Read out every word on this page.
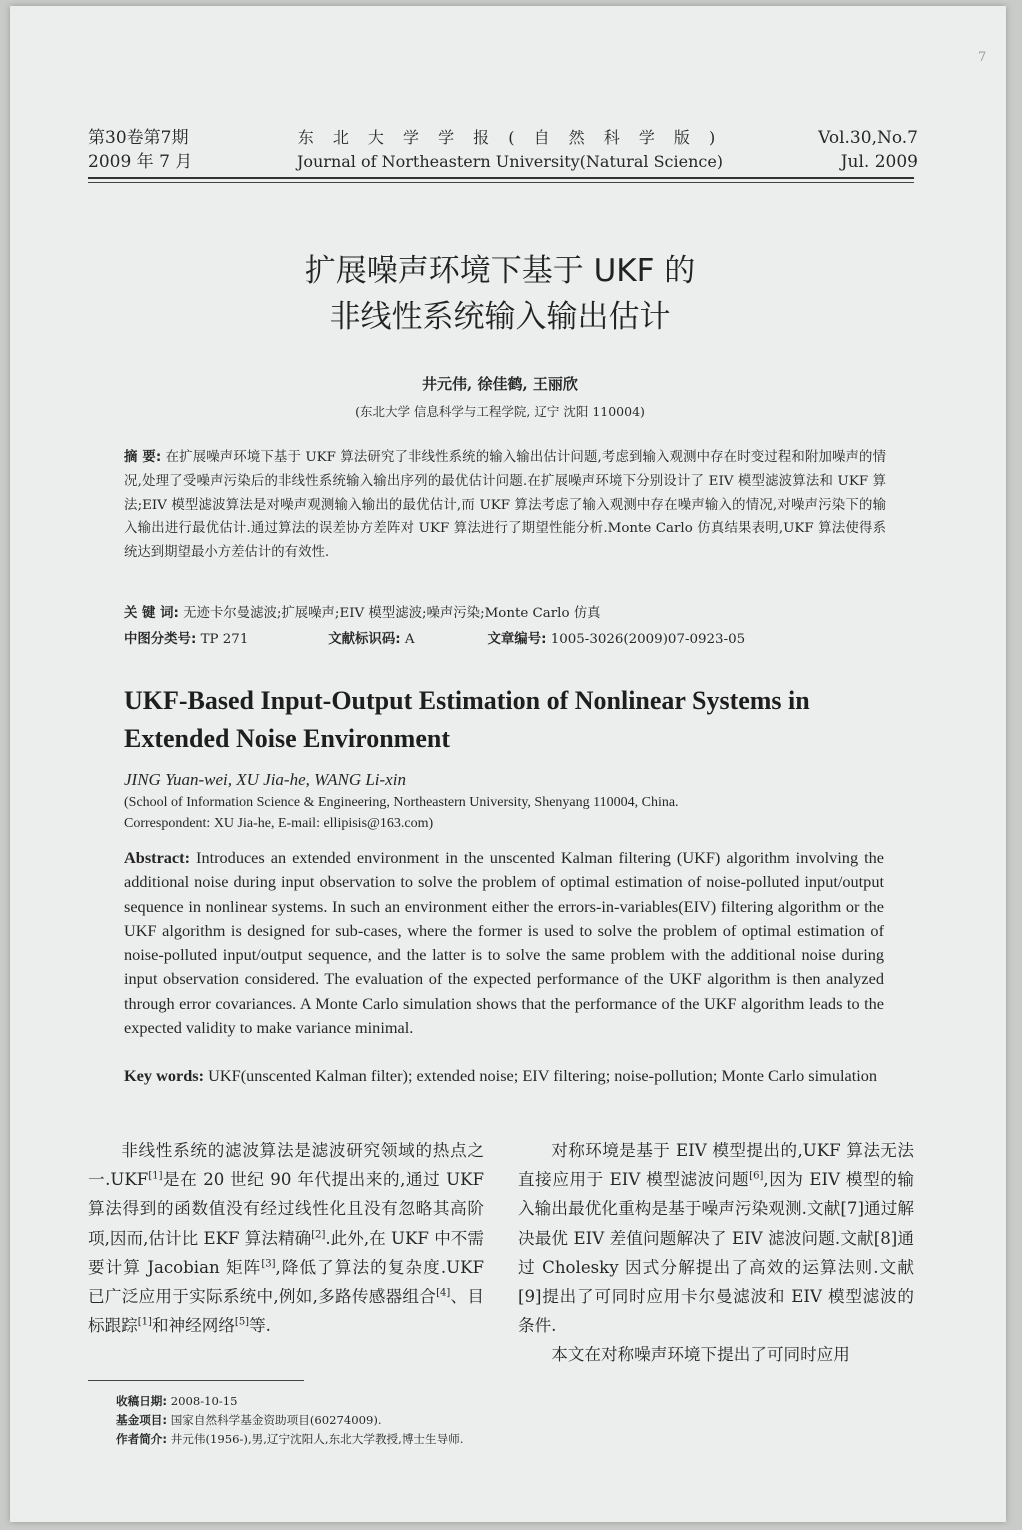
7
第30卷第7期
2009 年 7 月
东 北 大 学 学 报 ( 自 然 科 学 版 )
Journal of Northeastern University(Natural Science)
Vol.30,No.7
Jul. 2009
扩展噪声环境下基于 UKF 的
非线性系统输入输出估计
井元伟, 徐佳鹤, 王丽欣
(东北大学 信息科学与工程学院, 辽宁 沈阳 110004)
摘 要: 在扩展噪声环境下基于 UKF 算法研究了非线性系统的输入输出估计问题,考虑到输入观测中存在时变过程和附加噪声的情况,处理了受噪声污染后的非线性系统输入输出序列的最优估计问题.在扩展噪声环境下分别设计了 EIV 模型滤波算法和 UKF 算法;EIV 模型滤波算法是对噪声观测输入输出的最优估计,而 UKF 算法考虑了输入观测中存在噪声输入的情况,对噪声污染下的输入输出进行最优估计.通过算法的误差协方差阵对 UKF 算法进行了期望性能分析.Monte Carlo 仿真结果表明,UKF 算法使得系统达到期望最小方差估计的有效性.
关 键 词: 无迹卡尔曼滤波;扩展噪声;EIV 模型滤波;噪声污染;Monte Carlo 仿真
中图分类号: TP 271	文献标识码: A	文章编号: 1005-3026(2009)07-0923-05
UKF-Based Input-Output Estimation of Nonlinear Systems in
Extended Noise Environment
JING Yuan-wei, XU Jia-he, WANG Li-xin
(School of Information Science & Engineering, Northeastern University, Shenyang 110004, China.
Correspondent: XU Jia-he, E-mail: ellipisis@163.com)
Abstract: Introduces an extended environment in the unscented Kalman filtering (UKF) algorithm involving the additional noise during input observation to solve the problem of optimal estimation of noise-polluted input/output sequence in nonlinear systems. In such an environment either the errors-in-variables(EIV) filtering algorithm or the UKF algorithm is designed for sub-cases, where the former is used to solve the problem of optimal estimation of noise-polluted input/output sequence, and the latter is to solve the same problem with the additional noise during input observation considered. The evaluation of the expected performance of the UKF algorithm is then analyzed through error covariances. A Monte Carlo simulation shows that the performance of the UKF algorithm leads to the expected validity to make variance minimal.
Key words: UKF(unscented Kalman filter); extended noise; EIV filtering; noise-pollution; Monte Carlo simulation

非线性系统的滤波算法是滤波研究领域的热点之一.UKF[1]是在 20 世纪 90 年代提出来的,通过 UKF 算法得到的函数值没有经过线性化且没有忽略其高阶项,因而,估计比 EKF 算法精确[2].此外,在 UKF 中不需要计算 Jacobian 矩阵[3],降低了算法的复杂度.UKF 已广泛应用于实际系统中,例如,多路传感器组合[4]、目标跟踪[1]和神经网络[5]等.

对称环境是基于 EIV 模型提出的,UKF 算法无法直接应用于 EIV 模型滤波问题[6],因为 EIV 模型的输入输出最优化重构是基于噪声污染观测.文献[7]通过解决最优 EIV 差值问题解决了 EIV 滤波问题.文献[8]通过 Cholesky 因式分解提出了高效的运算法则.文献[9]提出了可同时应用卡尔曼滤波和 EIV 模型滤波的条件.

本文在对称噪声环境下提出了可同时应用

收稿日期: 2008-10-15
基金项目: 国家自然科学基金资助项目(60274009).
作者简介: 井元伟(1956-),男,辽宁沈阳人,东北大学教授,博士生导师.
